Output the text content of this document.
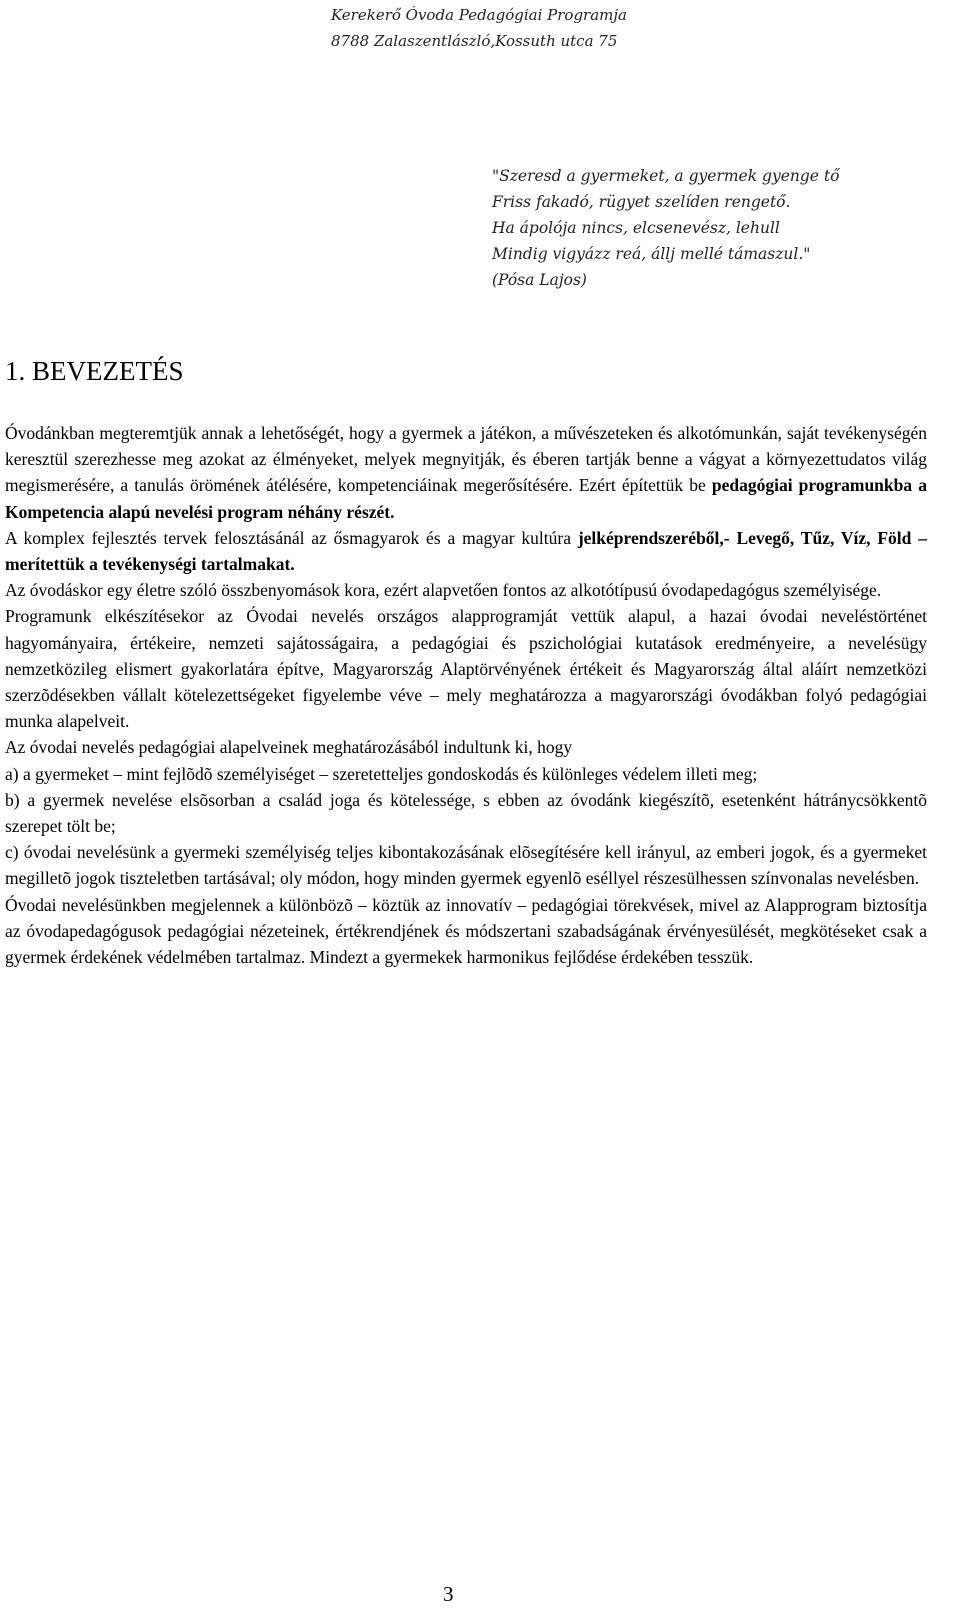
Kerekerő Óvoda Pedagógiai Programja
8788 Zalaszentlászló,Kossuth utca 75
"Szeresd a gyermeket, a gyermek gyenge tő
Friss fakadó, rügyet szelíden rengető.
Ha ápolója nincs, elcsenevész, lehull
Mindig vigyázz reá, állj mellé támaszul."
(Pósa Lajos)
1. BEVEZETÉS

Óvodánkban megteremtjük annak a lehetőségét, hogy a gyermek a játékon, a művészeteken és alkotómunkán, saját tevékenységén keresztül szerezhesse meg azokat az élményeket, melyek megnyitják, és éberen tartják benne a vágyat a környezettudatos világ megismerésére, a tanulás örömének átélésére, kompetenciáinak megerősítésére. Ezért építettük be pedagógiai programunkba a Kompetencia alapú nevelési program néhány részét.

A komplex fejlesztés tervek felosztásánál az ősmagyarok és a magyar kultúra jelképrendszeréből,- Levegő, Tűz, Víz, Föld – merítettük a tevékenységi tartalmakat.

Az óvodáskor egy életre szóló összbenyomások kora, ezért alapvetően fontos az alkotótípusú óvodapedagógus személyisége.

Programunk elkészítésekor az Óvodai nevelés országos alapprogramját vettük alapul, a hazai óvodai neveléstörténet hagyományaira, értékeire, nemzeti sajátosságaira, a pedagógiai és pszichológiai kutatások eredményeire, a nevelésügy nemzetközileg elismert gyakorlatára építve, Magyarország Alaptörvényének értékeit és Magyarország által aláírt nemzetközi szerzõdésekben vállalt kötelezettségeket figyelembe véve – mely meghatározza a magyarországi óvodákban folyó pedagógiai munka alapelveit.

Az óvodai nevelés pedagógiai alapelveinek meghatározásából indultunk ki, hogy

a) a gyermeket – mint fejlõdõ személyiséget – szeretetteljes gondoskodás és különleges védelem illeti meg;

b) a gyermek nevelése elsõsorban a család joga és kötelessége, s ebben az óvodánk kiegészítõ, esetenként hátránycsökkentõ szerepet tölt be;

c) óvodai nevelésünk a gyermeki személyiség teljes kibontakozásának elõsegítésére kell irányul, az emberi jogok, és a gyermeket megilletõ jogok tiszteletben tartásával; oly módon, hogy minden gyermek egyenlõ eséllyel részesülhessen színvonalas nevelésben.

Óvodai nevelésünkben megjelennek a különbözõ – köztük az innovatív – pedagógiai törekvések, mivel az Alapprogram biztosítja az óvodapedagógusok pedagógiai nézeteinek, értékrendjének és módszertani szabadságának érvényesülését, megkötéseket csak a gyermek érdekének védelmében tartalmaz. Mindezt a gyermekek harmonikus fejlődése érdekében tesszük.

3
